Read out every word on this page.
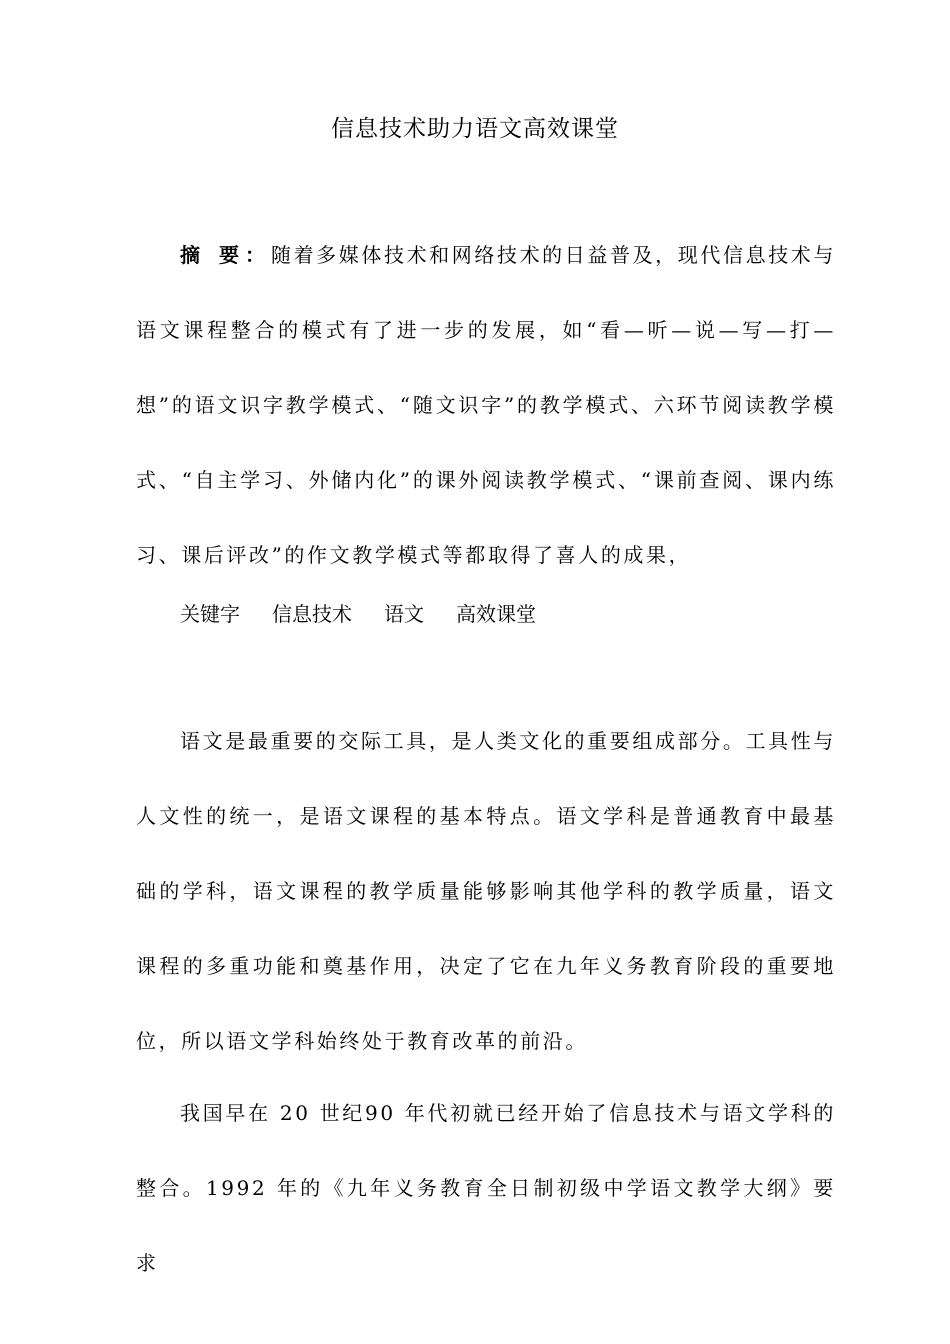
信息技术助力语文高效课堂

摘 要：随着多媒体技术和网络技术的日益普及，现代信息技术与语文课程整合的模式有了进一步的发展，如“看—听—说—写—打—想”的语文识字教学模式、“随文识字”的教学模式、六环节阅读教学模式、“自主学习、外储内化”的课外阅读教学模式、“课前查阅、课内练习、课后评改”的作文教学模式等都取得了喜人的成果，

关键字 信息技术 语文 高效课堂

语文是最重要的交际工具，是人类文化的重要组成部分。工具性与人文性的统一，是语文课程的基本特点。语文学科是普通教育中最基础的学科，语文课程的教学质量能够影响其他学科的教学质量，语文课程的多重功能和奠基作用，决定了它在九年义务教育阶段的重要地位，所以语文学科始终处于教育改革的前沿。

我国早在 20 世纪90 年代初就已经开始了信息技术与语文学科的整合。1992 年的《九年义务教育全日制初级中学语文教学大纲》要求
